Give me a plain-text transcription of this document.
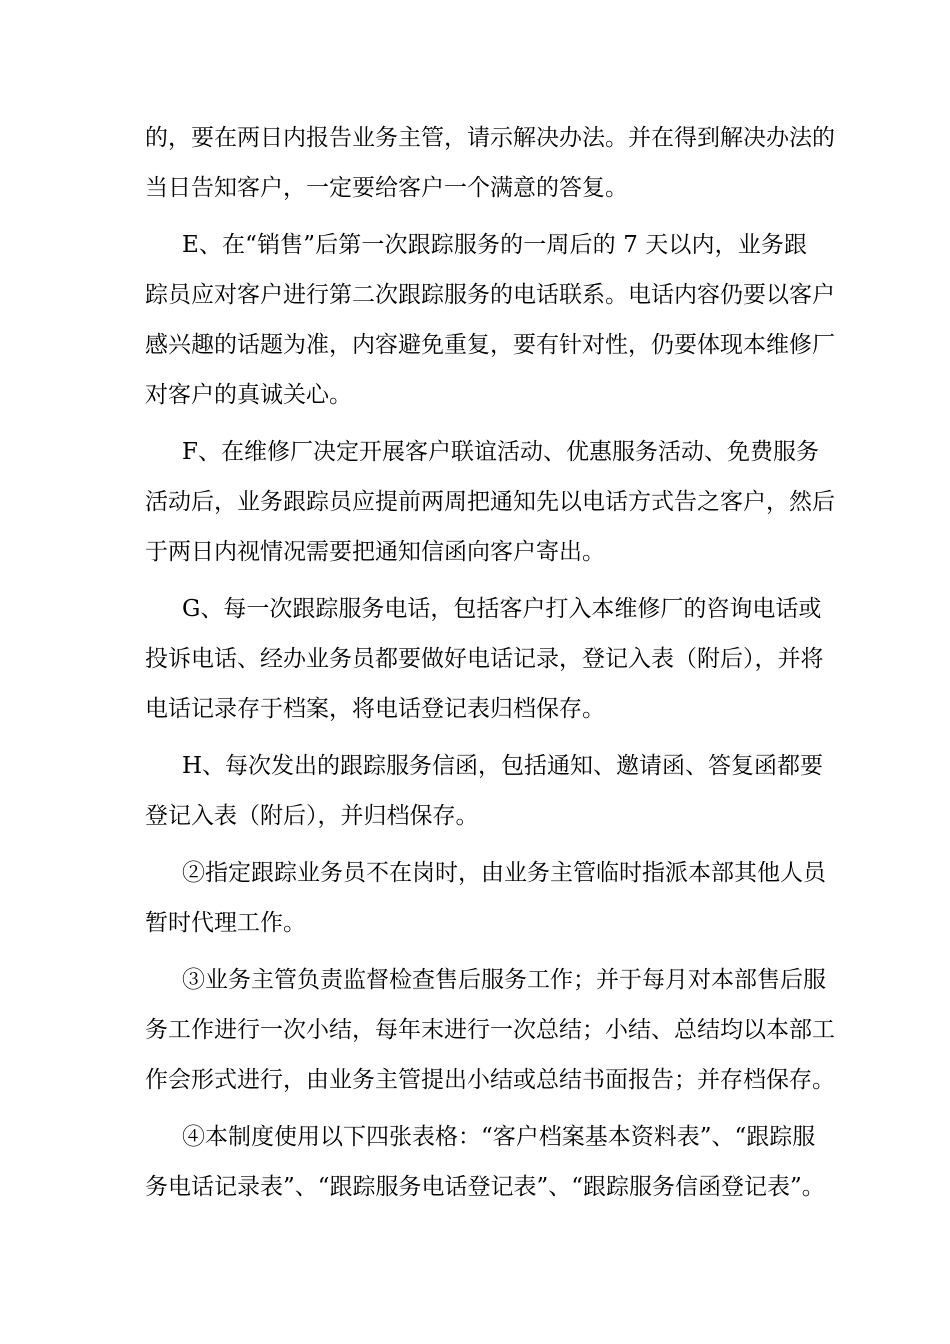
的，要在两日内报告业务主管，请示解决办法。并在得到解决办法的
当日告知客户，一定要给客户一个满意的答复。

E、在“销售”后第一次跟踪服务的一周后的 7 天以内，业务跟
踪员应对客户进行第二次跟踪服务的电话联系。电话内容仍要以客户
感兴趣的话题为准，内容避免重复，要有针对性，仍要体现本维修厂
对客户的真诚关心。

F、在维修厂决定开展客户联谊活动、优惠服务活动、免费服务
活动后，业务跟踪员应提前两周把通知先以电话方式告之客户，然后
于两日内视情况需要把通知信函向客户寄出。

G、每一次跟踪服务电话，包括客户打入本维修厂的咨询电话或
投诉电话、经办业务员都要做好电话记录，登记入表（附后），并将
电话记录存于档案，将电话登记表归档保存。

H、每次发出的跟踪服务信函，包括通知、邀请函、答复函都要
登记入表（附后），并归档保存。

②指定跟踪业务员不在岗时，由业务主管临时指派本部其他人员
暂时代理工作。

③业务主管负责监督检查售后服务工作；并于每月对本部售后服
务工作进行一次小结，每年末进行一次总结；小结、总结均以本部工
作会形式进行，由业务主管提出小结或总结书面报告；并存档保存。

④本制度使用以下四张表格：“客户档案基本资料表”、“跟踪服
务电话记录表”、“跟踪服务电话登记表”、“跟踪服务信函登记表”。
